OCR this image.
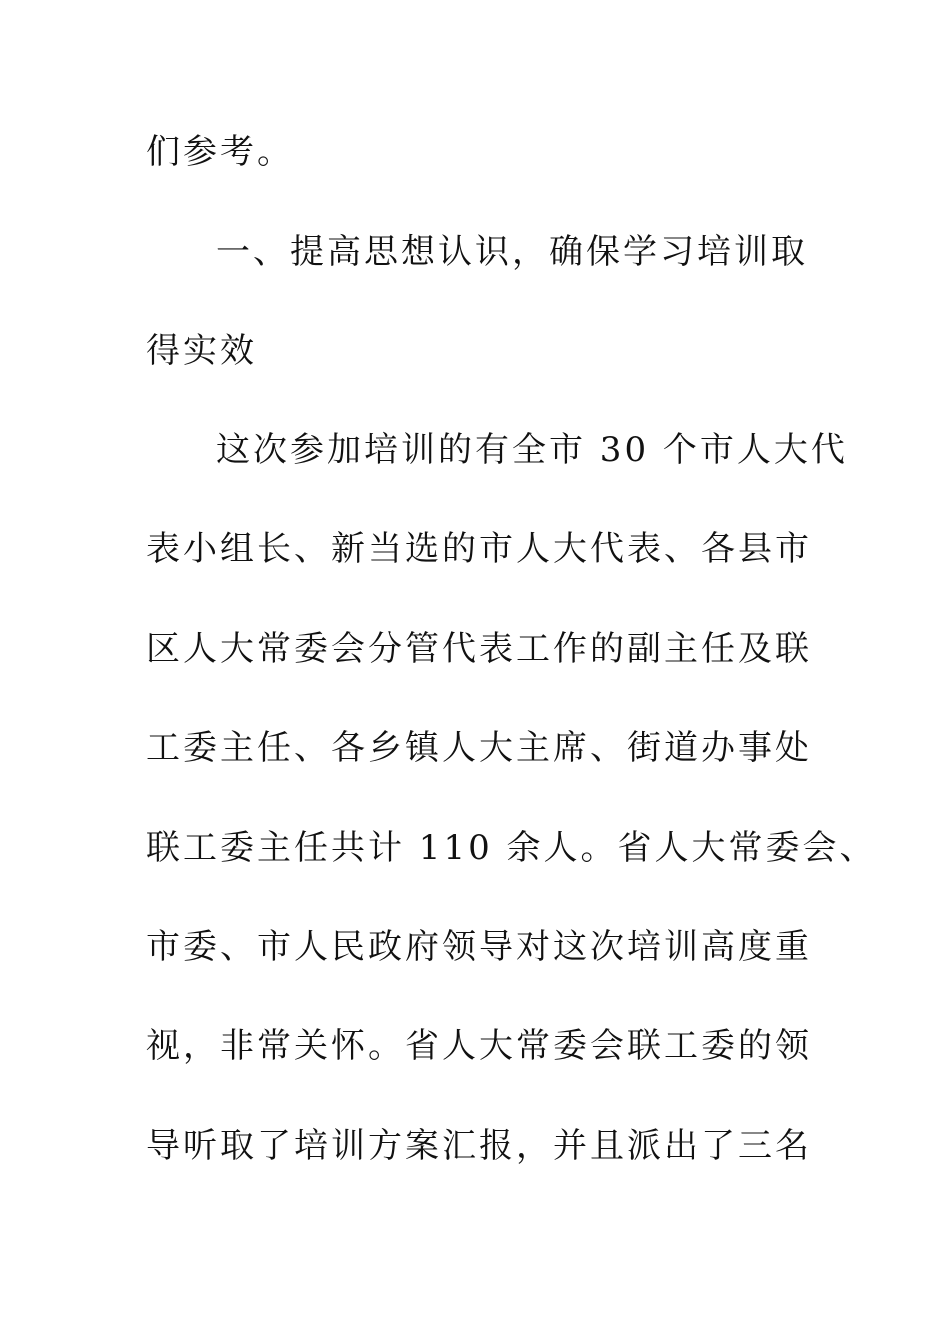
们参考。
一、提高思想认识，确保学习培训取
得实效
这次参加培训的有全市 30 个市人大代
表小组长、新当选的市人大代表、各县市
区人大常委会分管代表工作的副主任及联
工委主任、各乡镇人大主席、街道办事处
联工委主任共计 110 余人。省人大常委会、
市委、市人民政府领导对这次培训高度重
视，非常关怀。省人大常委会联工委的领
导听取了培训方案汇报，并且派出了三名
